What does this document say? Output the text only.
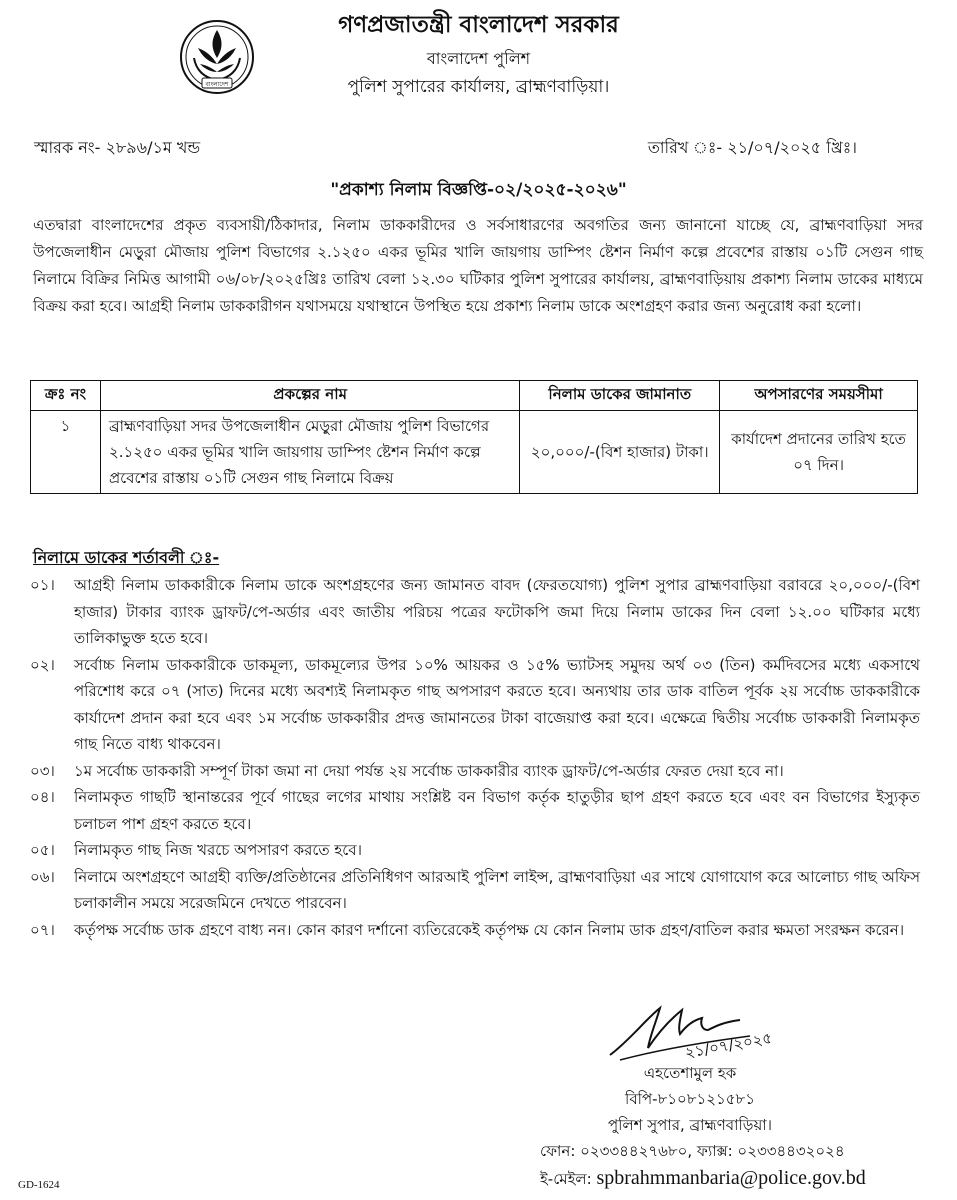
বাংলাদেশ
গণপ্রজাতন্ত্রী বাংলাদেশ সরকার
বাংলাদেশ পুলিশ
পুলিশ সুপারের কার্যালয়, ব্রাহ্মণবাড়িয়া।
স্মারক নং- ২৮৯৬/১ম খন্ড	তারিখ ঃ- ২১/০৭/২০২৫ খ্রিঃ।
"প্রকাশ্য নিলাম বিজ্ঞপ্তি-০২/২০২৫-২০২৬"
এতদ্বারা বাংলাদেশের প্রকৃত ব্যবসায়ী/ঠিকাদার, নিলাম ডাককারীদের ও সর্বসাধারণের অবগতির জন্য জানানো যাচ্ছে যে, ব্রাহ্মণবাড়িয়া সদর উপজেলাধীন মেড়ুরা মৌজায় পুলিশ বিভাগের ২.১২৫০ একর ভূমির খালি জায়গায় ডাম্পিং ষ্টেশন নির্মাণ কল্পে প্রবেশের রাস্তায় ০১টি সেগুন গাছ নিলামে বিক্রির নিমিত্ত আগামী ০৬/০৮/২০২৫খ্রিঃ তারিখ বেলা ১২.৩০ ঘটিকার পুলিশ সুপারের কার্যালয়, ব্রাহ্মণবাড়িয়ায় প্রকাশ্য নিলাম ডাকের মাধ্যমে বিক্রয় করা হবে। আগ্রহী নিলাম ডাককারীগন যথাসময়ে যথাস্থানে উপস্থিত হয়ে প্রকাশ্য নিলাম ডাকে অংশগ্রহণ করার জন্য অনুরোধ করা হলো।
ক্রঃ নং	প্রকল্পের নাম	নিলাম ডাকের জামানাত	অপসারণের সময়সীমা
১	ব্রাহ্মণবাড়িয়া সদর উপজেলাধীন মেড়ুরা মৌজায় পুলিশ বিভাগের ২.১২৫০ একর ভূমির খালি জায়গায় ডাম্পিং ষ্টেশন নির্মাণ কল্পে প্রবেশের রাস্তায় ০১টি সেগুন গাছ নিলামে বিক্রয়	২০,০০০/-(বিশ হাজার) টাকা।	কার্যাদেশ প্রদানের তারিখ হতে ০৭ দিন।
নিলামে ডাকের শর্তাবলী ঃ-
০১। আগ্রহী নিলাম ডাককারীকে নিলাম ডাকে অংশগ্রহণের জন্য জামানত বাবদ (ফেরতযোগ্য) পুলিশ সুপার ব্রাহ্মণবাড়িয়া বরাবরে ২০,০০০/-(বিশ হাজার) টাকার ব্যাংক ড্রাফট/পে-অর্ডার এবং জাতীয় পরিচয় পত্রের ফটোকপি জমা দিয়ে নিলাম ডাকের দিন বেলা ১২.০০ ঘটিকার মধ্যে তালিকাভুক্ত হতে হবে।
০২। সর্বোচ্চ নিলাম ডাককারীকে ডাকমূল্য, ডাকমূল্যের উপর ১০% আয়কর ও ১৫% ভ্যাটসহ সমুদয় অর্থ ০৩ (তিন) কর্মদিবসের মধ্যে একসাথে পরিশোধ করে ০৭ (সাত) দিনের মধ্যে অবশ্যই নিলামকৃত গাছ অপসারণ করতে হবে। অন্যথায় তার ডাক বাতিল পূর্বক ২য় সর্বোচ্চ ডাককারীকে কার্যাদেশ প্রদান করা হবে এবং ১ম সর্বোচ্চ ডাককারীর প্রদত্ত জামানতের টাকা বাজেয়াপ্ত করা হবে। এক্ষেত্রে দ্বিতীয় সর্বোচ্চ ডাককারী নিলামকৃত গাছ নিতে বাধ্য থাকবেন।
০৩। ১ম সর্বোচ্চ ডাককারী সম্পূর্ণ টাকা জমা না দেয়া পর্যন্ত ২য় সর্বোচ্চ ডাককারীর ব্যাংক ড্রাফট/পে-অর্ডার ফেরত দেয়া হবে না।
০৪। নিলামকৃত গাছটি স্থানান্তরের পূর্বে গাছের লগের মাথায় সংশ্লিষ্ট বন বিভাগ কর্তৃক হাতুড়ীর ছাপ গ্রহণ করতে হবে এবং বন বিভাগের ইস্যুকৃত চলাচল পাশ গ্রহণ করতে হবে।
০৫। নিলামকৃত গাছ নিজ খরচে অপসারণ করতে হবে।
০৬। নিলামে অংশগ্রহণে আগ্রহী ব্যক্তি/প্রতিষ্ঠানের প্রতিনিধিগণ আরআই পুলিশ লাইন্স, ব্রাহ্মণবাড়িয়া এর সাথে যোগাযোগ করে আলোচ্য গাছ অফিস চলাকালীন সময়ে সরেজমিনে দেখতে পারবেন।
০৭। কর্তৃপক্ষ সর্বোচ্চ ডাক গ্রহণে বাধ্য নন। কোন কারণ দর্শানো ব্যতিরেকেই কর্তৃপক্ষ যে কোন নিলাম ডাক গ্রহণ/বাতিল করার ক্ষমতা সংরক্ষন করেন।
২১/০৭/২০২৫
এহতেশামুল হক
বিপি-৮১০৮১২১৫৮১
পুলিশ সুপার, ব্রাহ্মণবাড়িয়া।
ফোন: ০২৩৩৪৪২৭৬৮০, ফ্যাক্স: ০২৩৩৪৪৩২০২৪
ই-মেইল: spbrahmmanbaria@police.gov.bd
GD-1624
